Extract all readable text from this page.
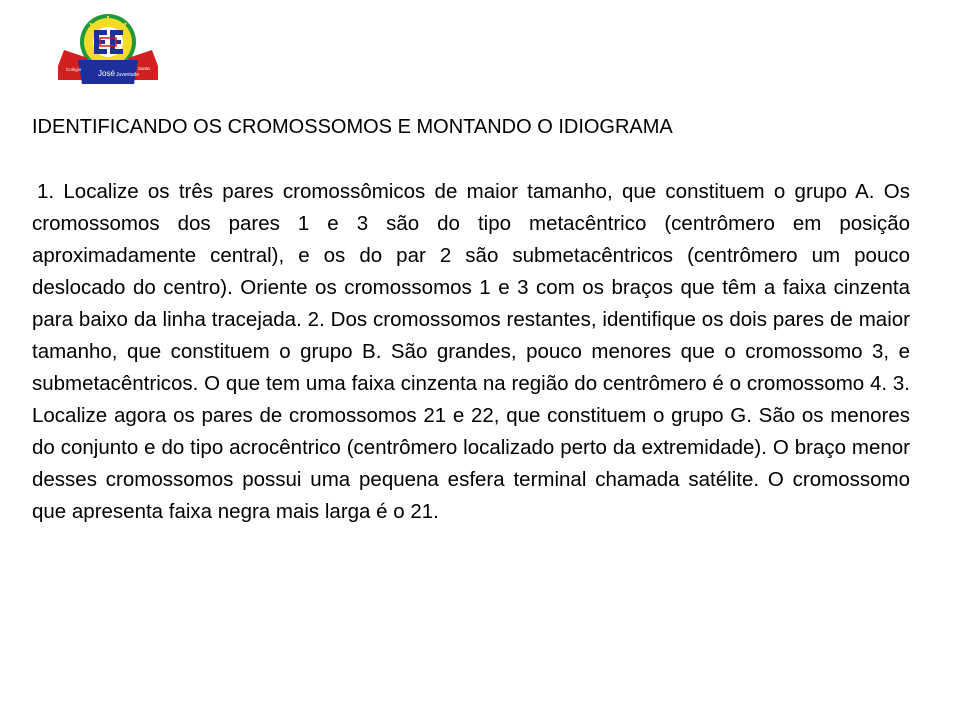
Colégio José
Santa
Juventude
IDENTIFICANDO OS CROMOSSOMOS E MONTANDO O IDIOGRAMA

1. Localize os três pares cromossômicos de maior tamanho, que constituem o grupo A. Os cromossomos dos pares 1 e 3 são do tipo metacêntrico (centrômero em posição aproximadamente central), e os do par 2 são submetacêntricos (centrômero um pouco deslocado do centro). Oriente os cromossomos 1 e 3 com os braços que têm a faixa cinzenta para baixo da linha tracejada. 2. Dos cromossomos restantes, identifique os dois pares de maior tamanho, que constituem o grupo B. São grandes, pouco menores que o cromossomo 3, e submetacêntricos. O que tem uma faixa cinzenta na região do centrômero é o cromossomo 4. 3. Localize agora os pares de cromossomos 21 e 22, que constituem o grupo G. São os menores do conjunto e do tipo acrocêntrico (centrômero localizado perto da extremidade). O braço menor desses cromossomos possui uma pequena esfera terminal chamada satélite. O cromossomo que apresenta faixa negra mais larga é o 21.
